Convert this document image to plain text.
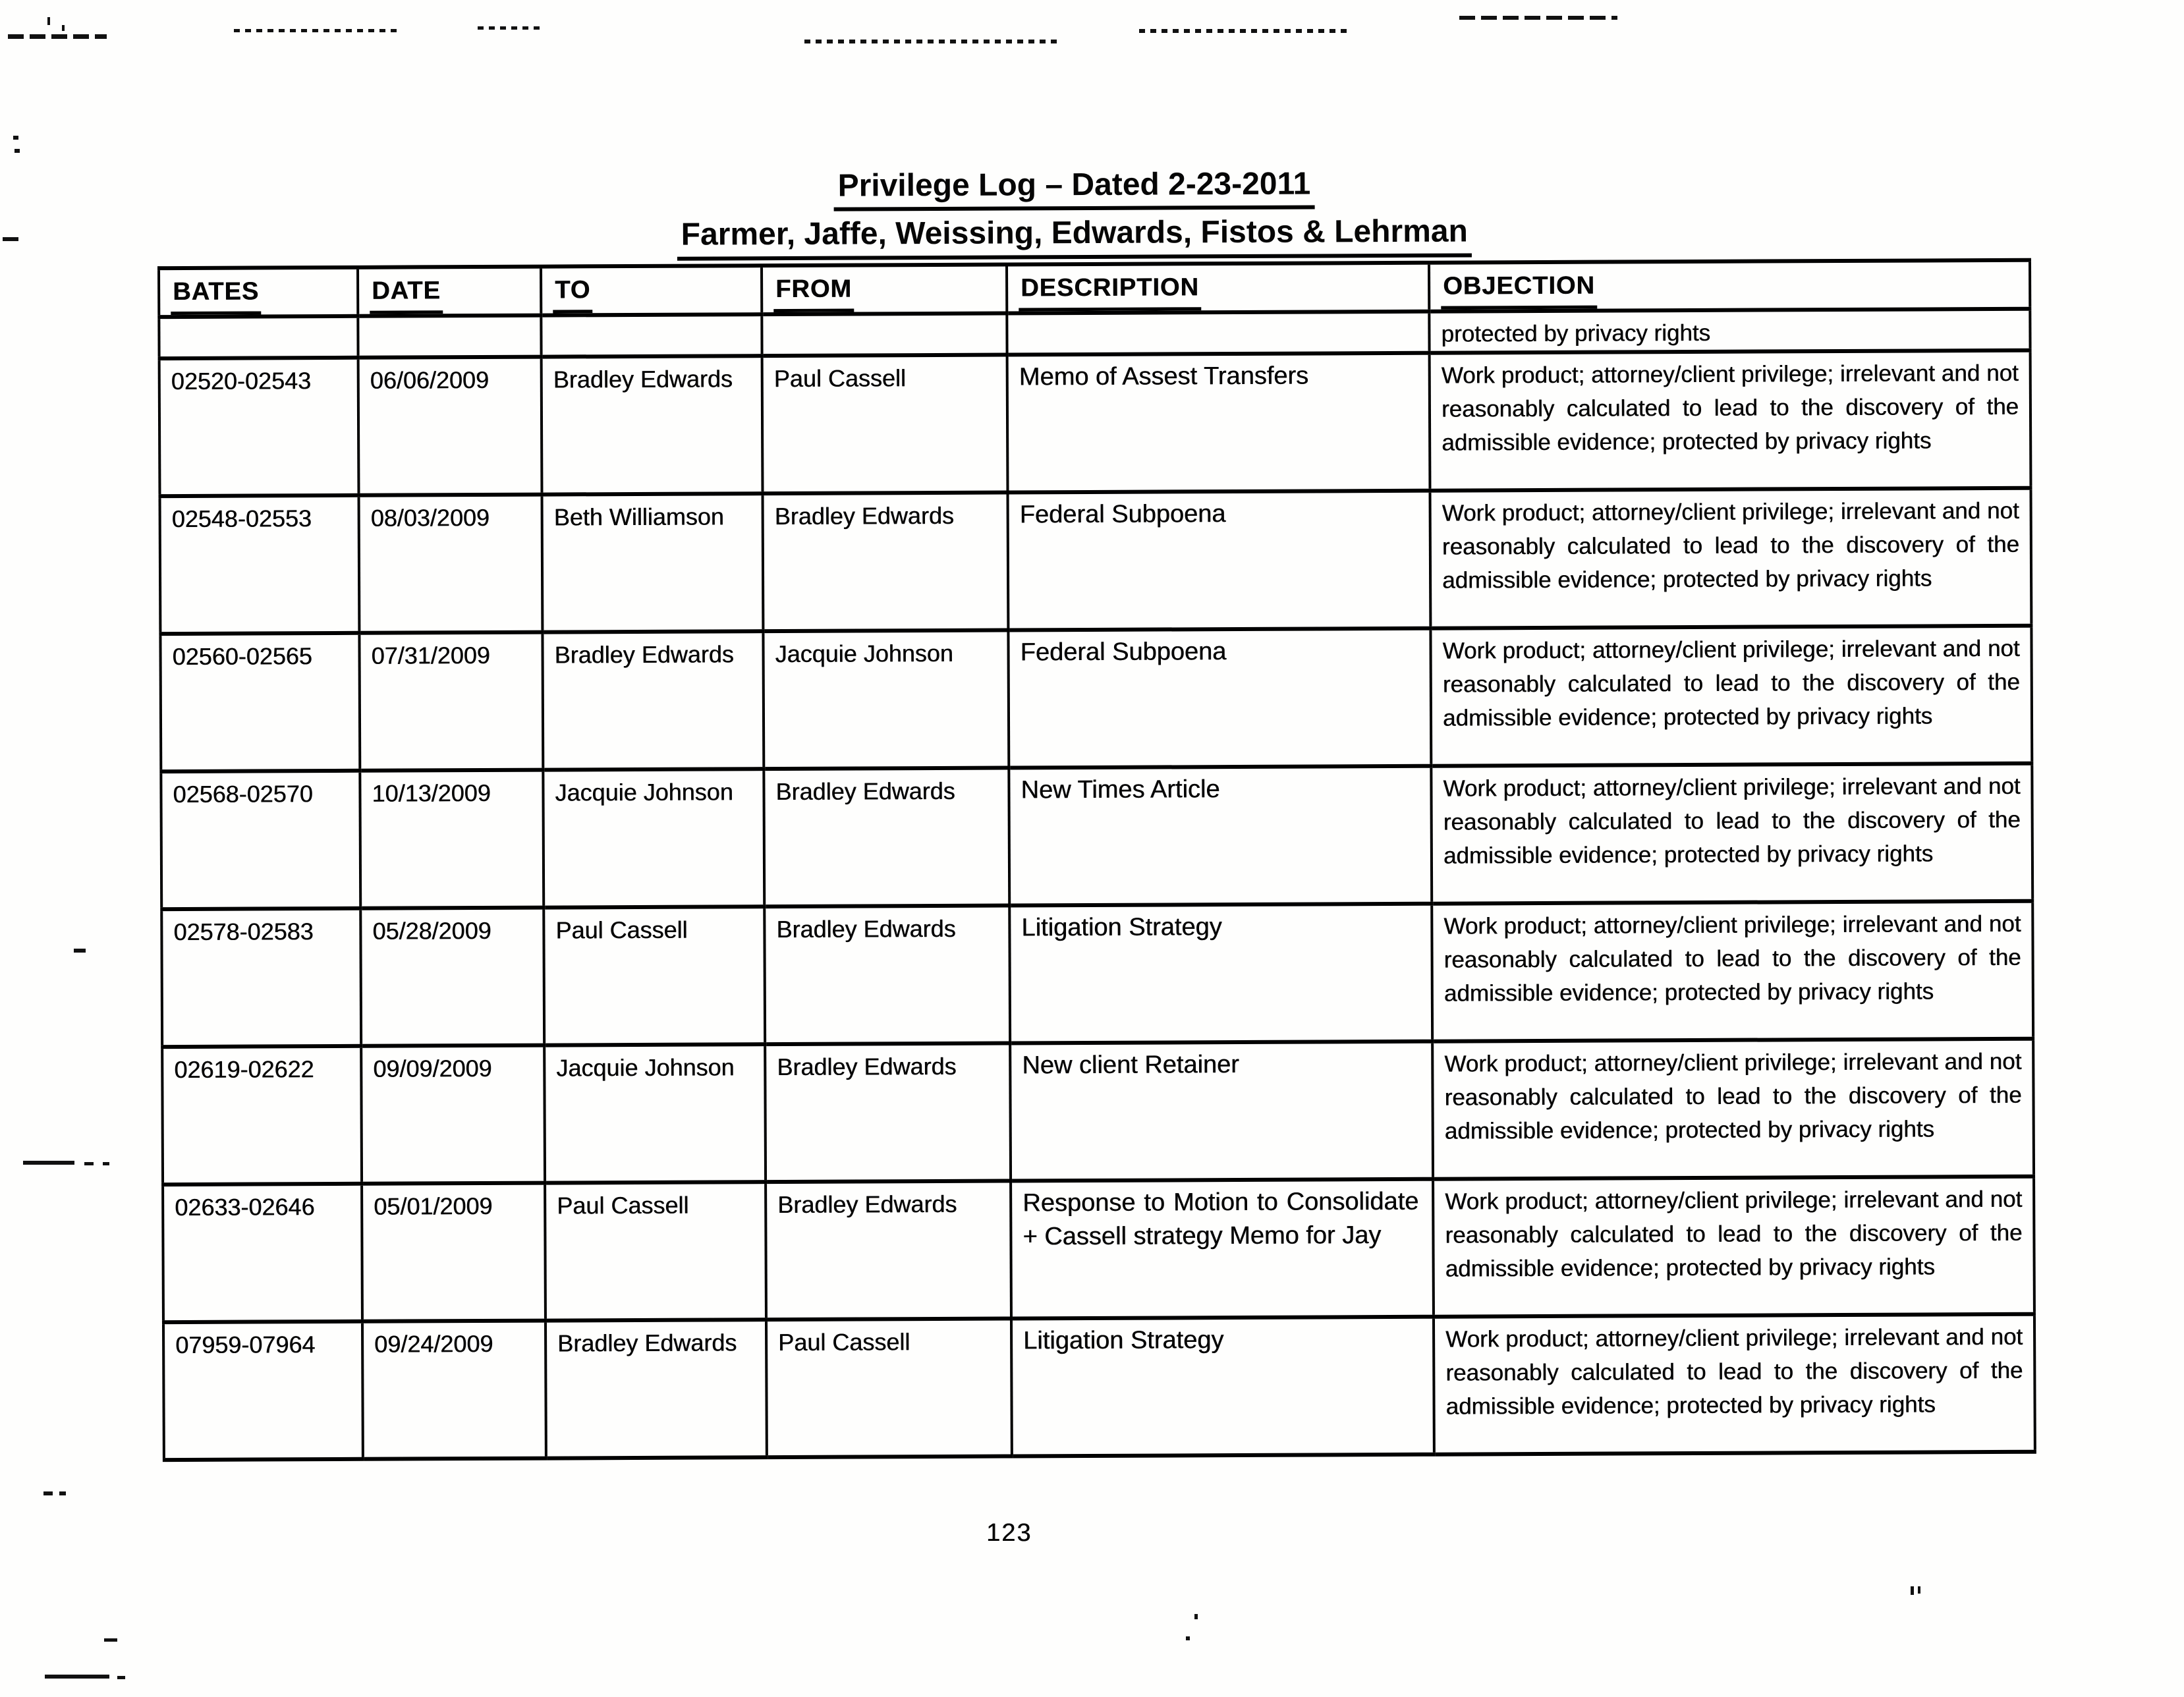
Privilege Log – Dated 2-23-2011
Farmer, Jaffe, Weissing, Edwards, Fistos & Lehrman
BATES	DATE	TO	FROM	DESCRIPTION	OBJECTION
					protected by privacy rights
02520-02543	06/06/2009	Bradley Edwards	Paul Cassell	Memo of Assest Transfers	Work product; attorney/client privilege; irrelevant and not reasonably calculated to lead to the discovery of the admissible evidence; protected by privacy rights
02548-02553	08/03/2009	Beth Williamson	Bradley Edwards	Federal Subpoena	Work product; attorney/client privilege; irrelevant and not reasonably calculated to lead to the discovery of the admissible evidence; protected by privacy rights
02560-02565	07/31/2009	Bradley Edwards	Jacquie Johnson	Federal Subpoena	Work product; attorney/client privilege; irrelevant and not reasonably calculated to lead to the discovery of the admissible evidence; protected by privacy rights
02568-02570	10/13/2009	Jacquie Johnson	Bradley Edwards	New Times Article	Work product; attorney/client privilege; irrelevant and not reasonably calculated to lead to the discovery of the admissible evidence; protected by privacy rights
02578-02583	05/28/2009	Paul Cassell	Bradley Edwards	Litigation Strategy	Work product; attorney/client privilege; irrelevant and not reasonably calculated to lead to the discovery of the admissible evidence; protected by privacy rights
02619-02622	09/09/2009	Jacquie Johnson	Bradley Edwards	New client Retainer	Work product; attorney/client privilege; irrelevant and not reasonably calculated to lead to the discovery of the admissible evidence; protected by privacy rights
02633-02646	05/01/2009	Paul Cassell	Bradley Edwards	Response to Motion to Consolidate + Cassell strategy Memo for Jay	Work product; attorney/client privilege; irrelevant and not reasonably calculated to lead to the discovery of the admissible evidence; protected by privacy rights
07959-07964	09/24/2009	Bradley Edwards	Paul Cassell	Litigation Strategy	Work product; attorney/client privilege; irrelevant and not reasonably calculated to lead to the discovery of the admissible evidence; protected by privacy rights
123
